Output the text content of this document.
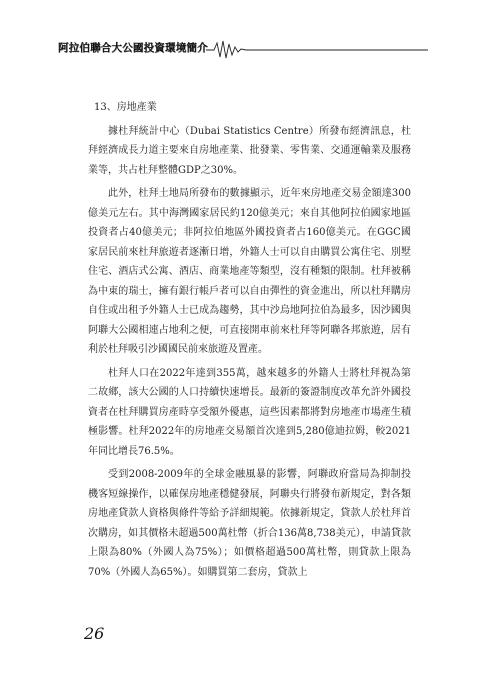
阿拉伯聯合大公國投資環境簡介

13、房地產業

據杜拜統計中心（Dubai Statistics Centre）所發布經濟訊息，杜拜經濟成長力道主要來自房地產業、批發業、零售業、交通運輸業及服務業等，共占杜拜整體GDP之30%。

此外，杜拜土地局所發布的數據顯示，近年來房地產交易金額達300億美元左右。其中海灣國家居民約120億美元；來自其他阿拉伯國家地區投資者占40億美元；非阿拉伯地區外國投資者占160億美元。在GGC國家居民前來杜拜旅遊者逐漸日增，外籍人士可以自由購買公寓住宅、別墅住宅、酒店式公寓、酒店、商業地產等類型，沒有種類的限制。杜拜被稱為中東的瑞士，擁有銀行帳戶者可以自由彈性的資金進出，所以杜拜購房自住或出租予外籍人士已成為趨勢，其中沙烏地阿拉伯為最多，因沙國與阿聯大公國相連占地利之便，可直接開車前來杜拜等阿聯各邦旅遊，居有利於杜拜吸引沙國國民前來旅遊及置產。

杜拜人口在2022年達到355萬，越來越多的外籍人士將杜拜視為第二故鄉，該大公國的人口持續快速增長。最新的簽證制度改革允許外國投資者在杜拜購買房產時享受額外優惠，這些因素都將對房地產市場產生積極影響。杜拜2022年的房地產交易額首次達到5,280億迪拉姆，較2021年同比增長76.5%。

受到2008-2009年的全球金融風暴的影響，阿聯政府當局為抑制投機客短線操作，以確保房地產穩健發展，阿聯央行將發布新規定，對各類房地產貸款人資格與條件等給予詳細規範。依據新規定，貸款人於杜拜首次購房，如其價格未超過500萬杜幣（折合136萬8,738美元），申請貸款上限為80%（外國人為75%）；如價格超過500萬杜幣，則貸款上限為70%（外國人為65%）。如購買第二套房，貸款上

26
